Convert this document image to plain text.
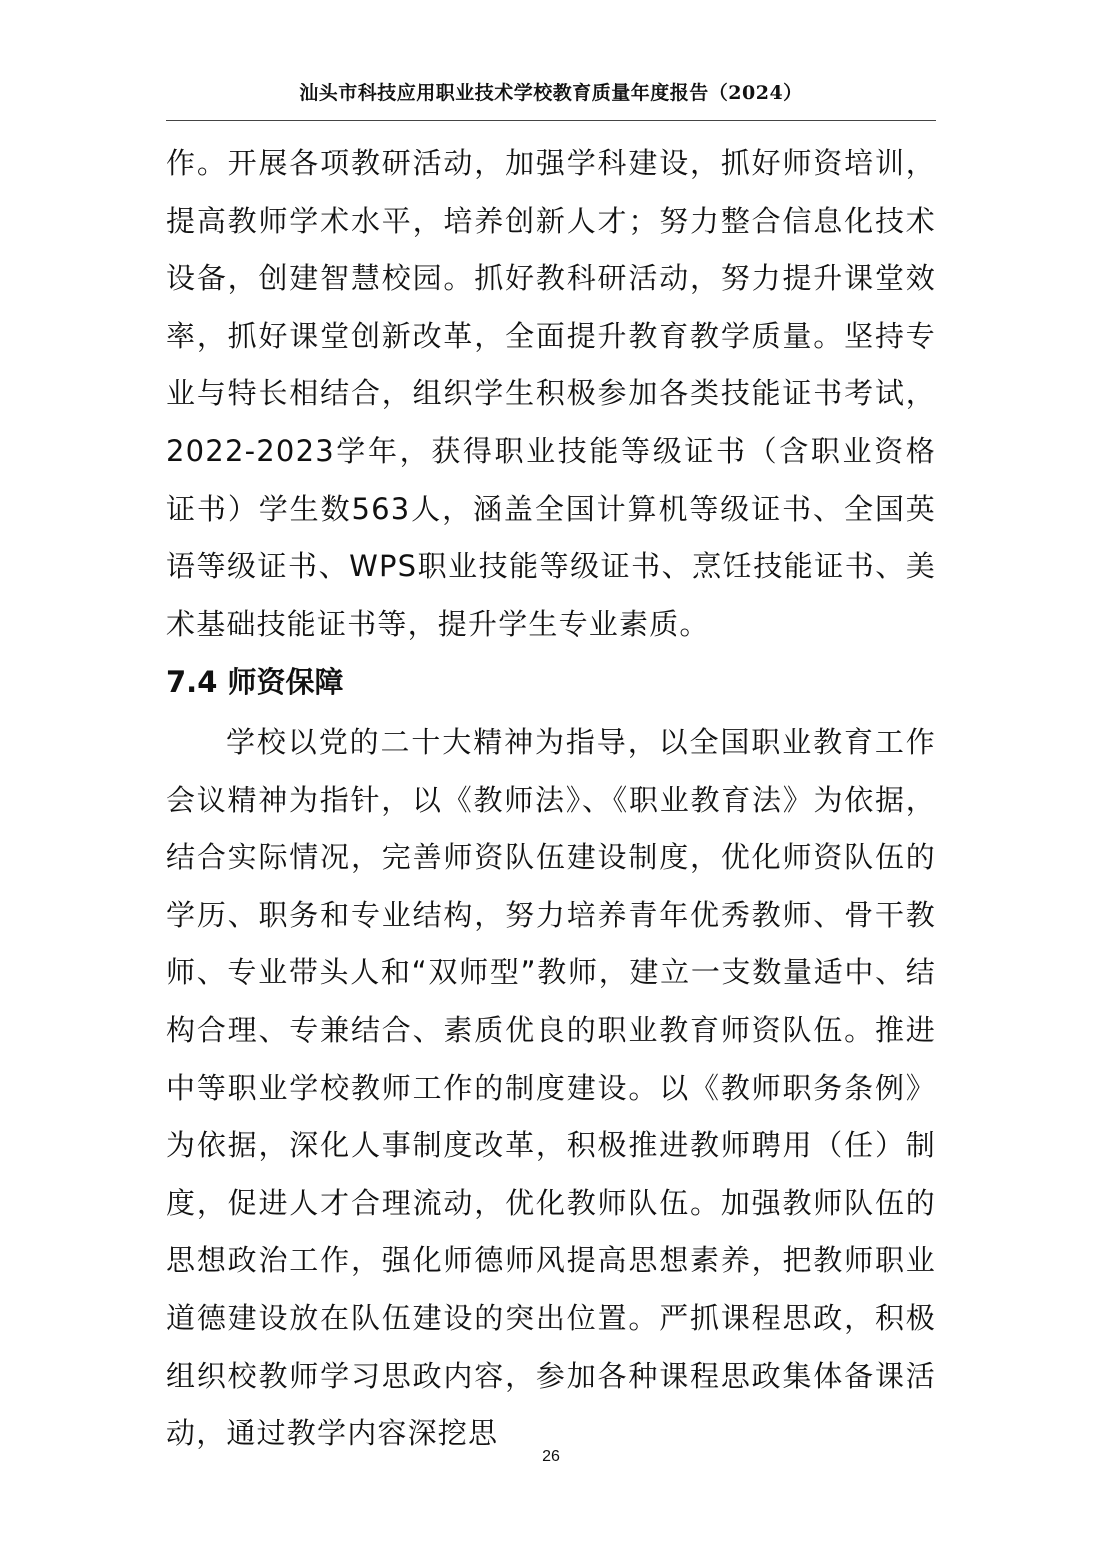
汕头市科技应用职业技术学校教育质量年度报告（2024）

作。开展各项教研活动，加强学科建设，抓好师资培训，提高教师学术水平，培养创新人才；努力整合信息化技术设备，创建智慧校园。抓好教科研活动，努力提升课堂效率，抓好课堂创新改革，全面提升教育教学质量。坚持专业与特长相结合，组织学生积极参加各类技能证书考试，2022-2023学年，获得职业技能等级证书（含职业资格证书）学生数563人，涵盖全国计算机等级证书、全国英语等级证书、WPS职业技能等级证书、烹饪技能证书、美术基础技能证书等，提升学生专业素质。

7.4 师资保障

学校以党的二十大精神为指导，以全国职业教育工作会议精神为指针，以《教师法》、《职业教育法》为依据，结合实际情况，完善师资队伍建设制度，优化师资队伍的学历、职务和专业结构，努力培养青年优秀教师、骨干教师、专业带头人和“双师型”教师，建立一支数量适中、结构合理、专兼结合、素质优良的职业教育师资队伍。推进中等职业学校教师工作的制度建设。以《教师职务条例》为依据，深化人事制度改革，积极推进教师聘用（任）制度，促进人才合理流动，优化教师队伍。加强教师队伍的思想政治工作，强化师德师风提高思想素养，把教师职业道德建设放在队伍建设的突出位置。严抓课程思政，积极组织校教师学习思政内容，参加各种课程思政集体备课活动，通过教学内容深挖思

26
